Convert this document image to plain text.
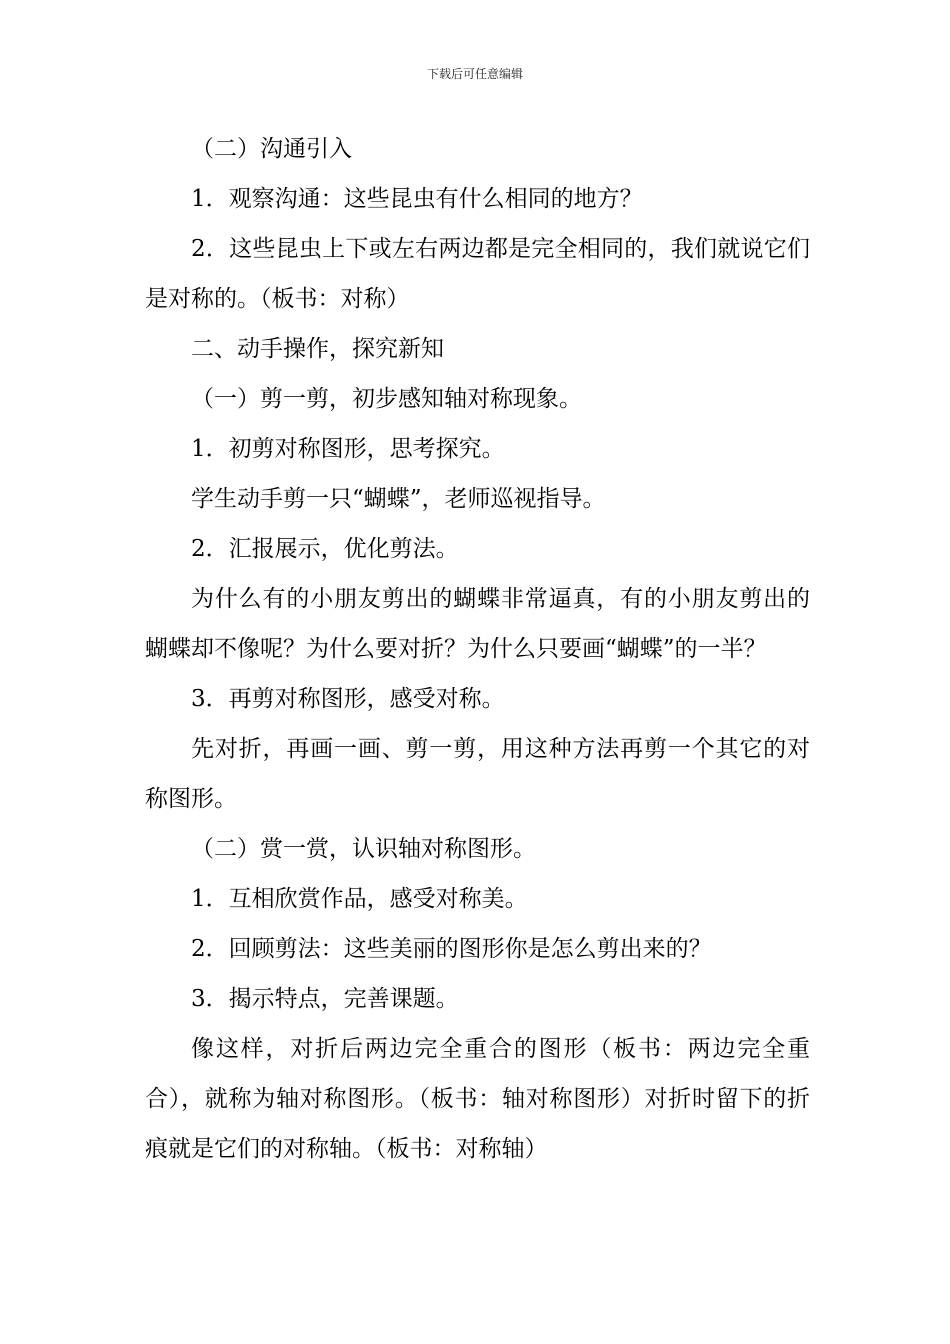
下载后可任意编辑

（二）沟通引入

1．观察沟通：这些昆虫有什么相同的地方？

2．这些昆虫上下或左右两边都是完全相同的，我们就说它们是对称的。（板书：对称）

二、动手操作，探究新知

（一）剪一剪，初步感知轴对称现象。

1．初剪对称图形，思考探究。

学生动手剪一只“蝴蝶”，老师巡视指导。

2．汇报展示，优化剪法。

为什么有的小朋友剪出的蝴蝶非常逼真，有的小朋友剪出的蝴蝶却不像呢？为什么要对折？为什么只要画“蝴蝶”的一半？

3．再剪对称图形，感受对称。

先对折，再画一画、剪一剪，用这种方法再剪一个其它的对称图形。

（二）赏一赏，认识轴对称图形。

1．互相欣赏作品，感受对称美。

2．回顾剪法：这些美丽的图形你是怎么剪出来的？

3．揭示特点，完善课题。

像这样，对折后两边完全重合的图形（板书：两边完全重合），就称为轴对称图形。（板书：轴对称图形）对折时留下的折痕就是它们的对称轴。（板书：对称轴）
